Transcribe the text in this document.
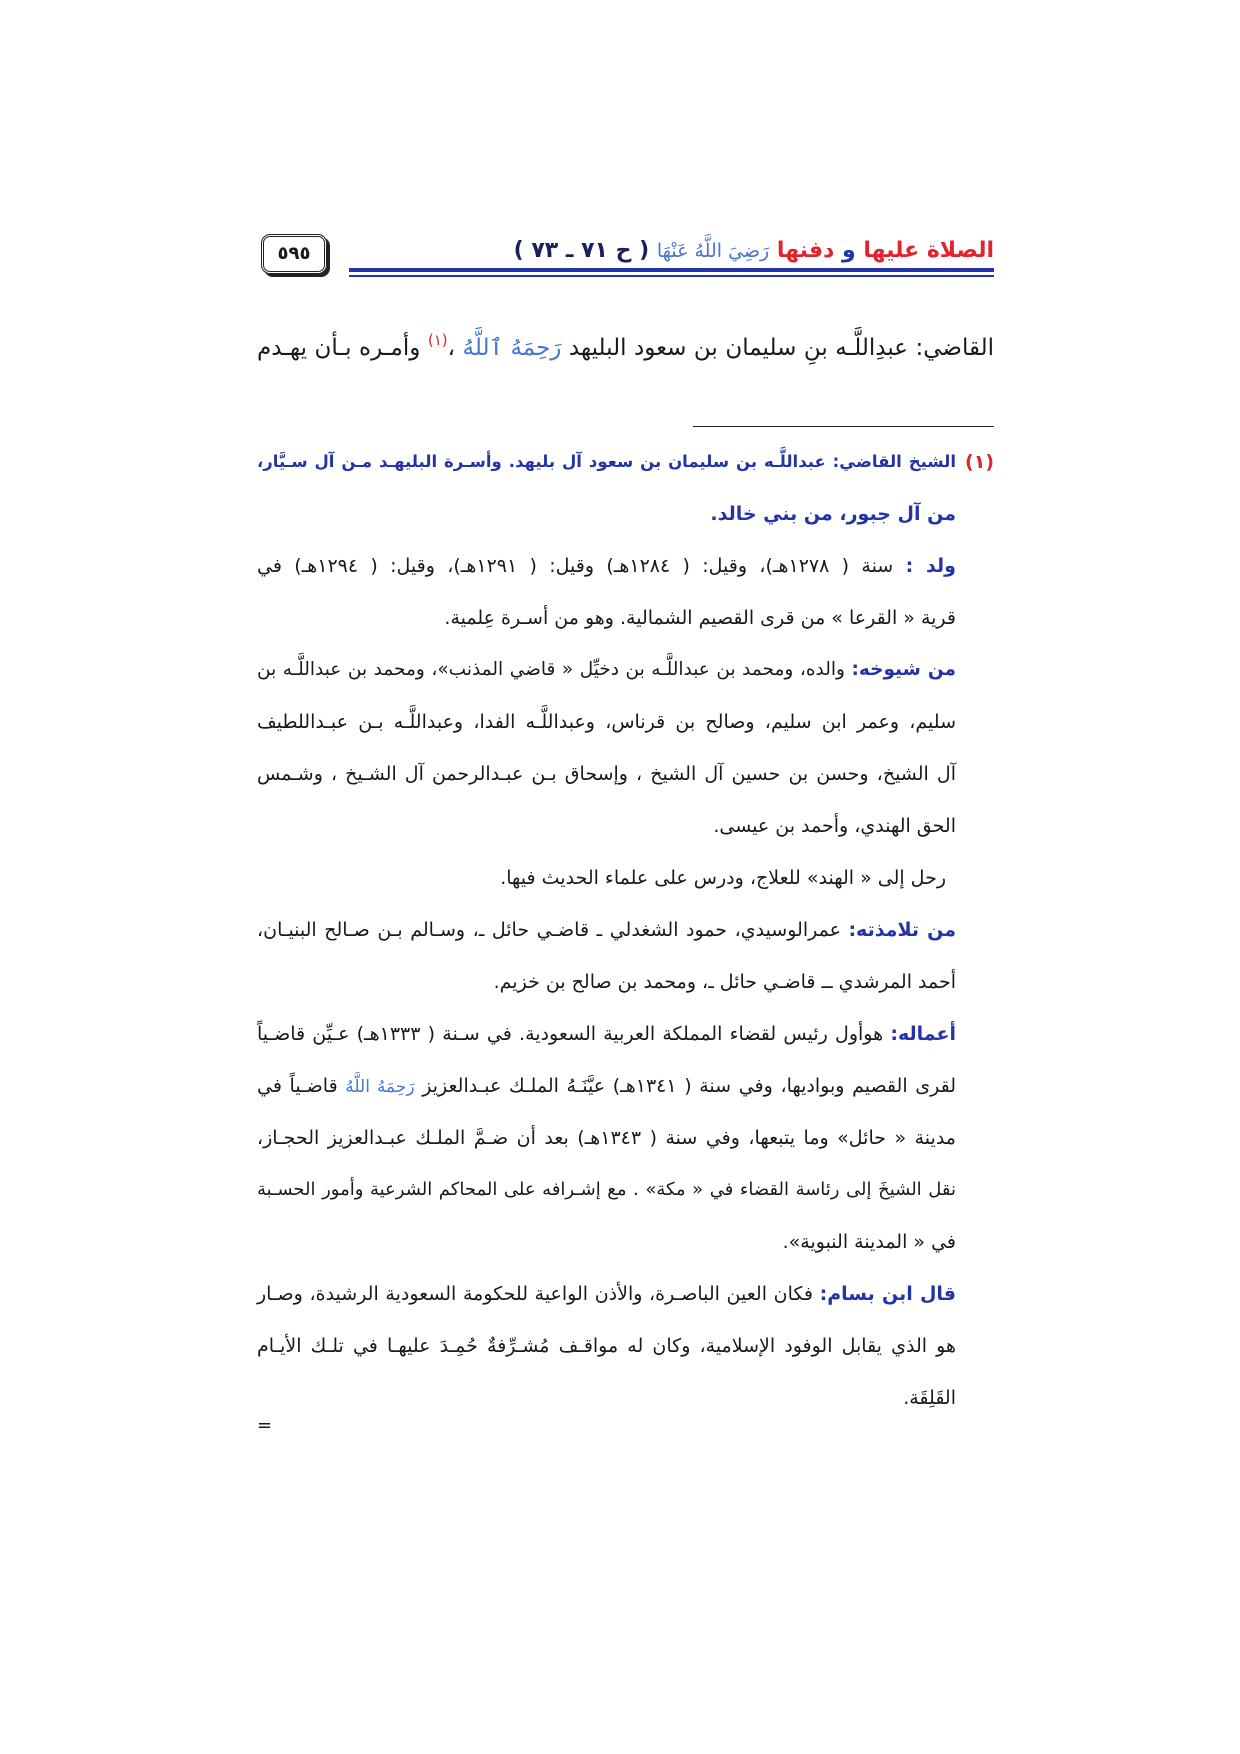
الصلاة عليها و دفنها رَضِيَ اللَّهُ عَنْهَا ( ح ٧١ ـ ٧٣ )
٥٩٥
القاضي: عبدِاللَّـه بنِ سليمان بن سعود البليهد رَحِمَهُ ٱللَّهُ ،$^{(١)}$ وأمـره بـأن يهـدم
(١)
الشيخ القاضي: عبداللَّـه بن سليمان بن سعود آل بليهد. وأسـرة البليهـد مـن آل سـيَّار،
من آل جبور، من بني خالد.
ولد : سنة ( ١٢٧٨هـ)، وقيل: ( ١٢٨٤هـ) وقيل: ( ١٢٩١هـ)، وقيل: ( ١٢٩٤هـ) في
قرية « القرعا » من قرى القصيم الشمالية. وهو من أسـرة عِلمية.
من شيوخه: والده، ومحمد بن عبداللَّـه بن دخيِّل « قاضي المذنب»، ومحمد بن عبداللَّـه بن
سليم، وعمر ابن سليم، وصالح بن قرناس، وعبداللَّـه الفدا، وعبداللَّـه بـن عبـداللطيف
آل الشيخ، وحسن بن حسين آل الشيخ ، وإسحاق بـن عبـدالرحمن آل الشـيخ ، وشـمس
الحق الهندي، وأحمد بن عيسى.
رحل إلى « الهند» للعلاج، ودرس على علماء الحديث فيها.
من تلامذته: عمرالوسيدي، حمود الشغدلي ـ قاضـي حائل ـ، وسـالم بـن صـالح البنيـان،
أحمد المرشدي ــ قاضـي حائل ـ، ومحمد بن صالح بن خزيم.
أعماله: هوأول رئيس لقضاء المملكة العربية السعودية. في سـنة ( ١٣٣٣هـ) عـيِّن قاضـياً
لقرى القصيم وبواديها، وفي سنة ( ١٣٤١هـ) عيَّنَـهُ الملـك عبـدالعزيز رَحِمَهُ اللَّهُ قاضـياً في
مدينة « حائل» وما يتبعها، وفي سنة ( ١٣٤٣هـ) بعد أن ضـمَّ الملـك عبـدالعزيز الحجـاز،
نقل الشيخَ إلى رئاسة القضاء في « مكة» . مع إشـرافه على المحاكم الشرعية وأمور الحسـبة
في « المدينة النبوية».
قال ابن بسام: فكان العين الباصـرة، والأذن الواعية للحكومة السعودية الرشيدة، وصـار
هو الذي يقابل الوفود الإسلامية، وكان له مواقـف مُشـرِّفةٌ حُمِـدَ عليهـا في تلـك الأيـام
القَلِقَة.
=
